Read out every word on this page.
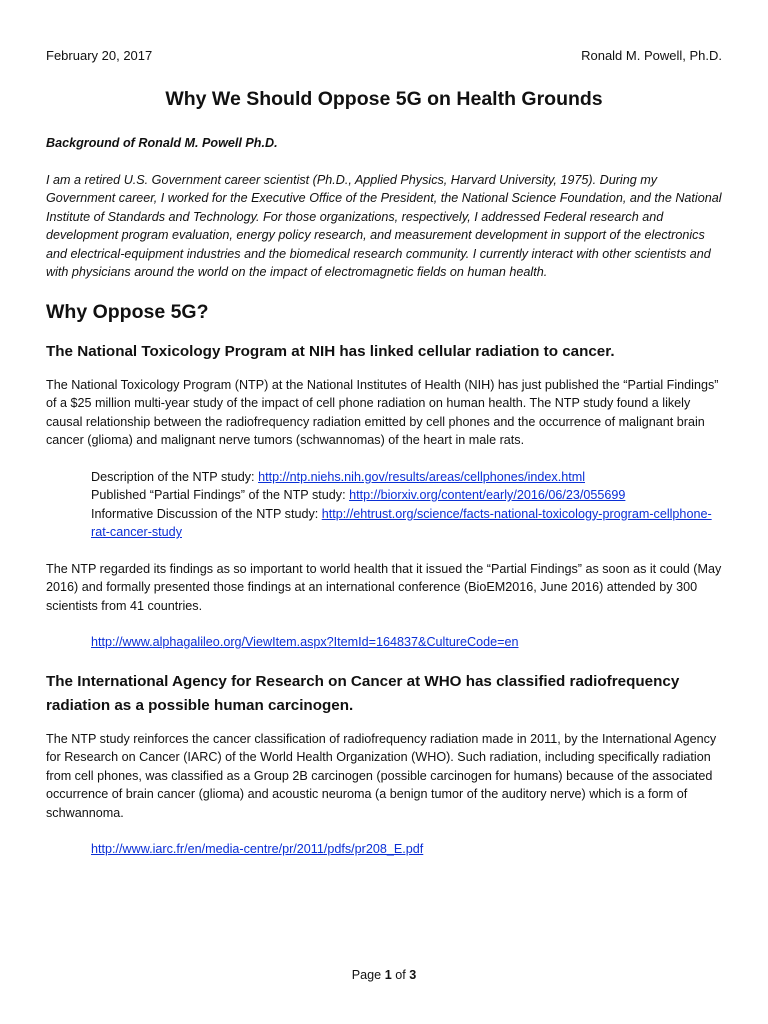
February 20, 2017	Ronald M. Powell, Ph.D.
Why We Should Oppose 5G on Health Grounds
Background of Ronald M. Powell Ph.D.
I am a retired U.S. Government career scientist (Ph.D., Applied Physics, Harvard University, 1975). During my Government career, I worked for the Executive Office of the President, the National Science Foundation, and the National Institute of Standards and Technology. For those organizations, respectively, I addressed Federal research and development program evaluation, energy policy research, and measurement development in support of the electronics and electrical-equipment industries and the biomedical research community. I currently interact with other scientists and with physicians around the world on the impact of electromagnetic fields on human health.
Why Oppose 5G?
The National Toxicology Program at NIH has linked cellular radiation to cancer.
The National Toxicology Program (NTP) at the National Institutes of Health (NIH) has just published the “Partial Findings” of a $25 million multi-year study of the impact of cell phone radiation on human health. The NTP study found a likely causal relationship between the radiofrequency radiation emitted by cell phones and the occurrence of malignant brain cancer (glioma) and malignant nerve tumors (schwannomas) of the heart in male rats.
Description of the NTP study: http://ntp.niehs.nih.gov/results/areas/cellphones/index.html
Published “Partial Findings” of the NTP study: http://biorxiv.org/content/early/2016/06/23/055699
Informative Discussion of the NTP study: http://ehtrust.org/science/facts-national-toxicology-program-cellphone-rat-cancer-study
The NTP regarded its findings as so important to world health that it issued the “Partial Findings” as soon as it could (May 2016) and formally presented those findings at an international conference (BioEM2016, June 2016) attended by 300 scientists from 41 countries.
http://www.alphagalileo.org/ViewItem.aspx?ItemId=164837&CultureCode=en
The International Agency for Research on Cancer at WHO has classified radiofrequency radiation as a possible human carcinogen.
The NTP study reinforces the cancer classification of radiofrequency radiation made in 2011, by the International Agency for Research on Cancer (IARC) of the World Health Organization (WHO). Such radiation, including specifically radiation from cell phones, was classified as a Group 2B carcinogen (possible carcinogen for humans) because of the associated occurrence of brain cancer (glioma) and acoustic neuroma (a benign tumor of the auditory nerve) which is a form of schwannoma.
http://www.iarc.fr/en/media-centre/pr/2011/pdfs/pr208_E.pdf
Page 1 of 3
